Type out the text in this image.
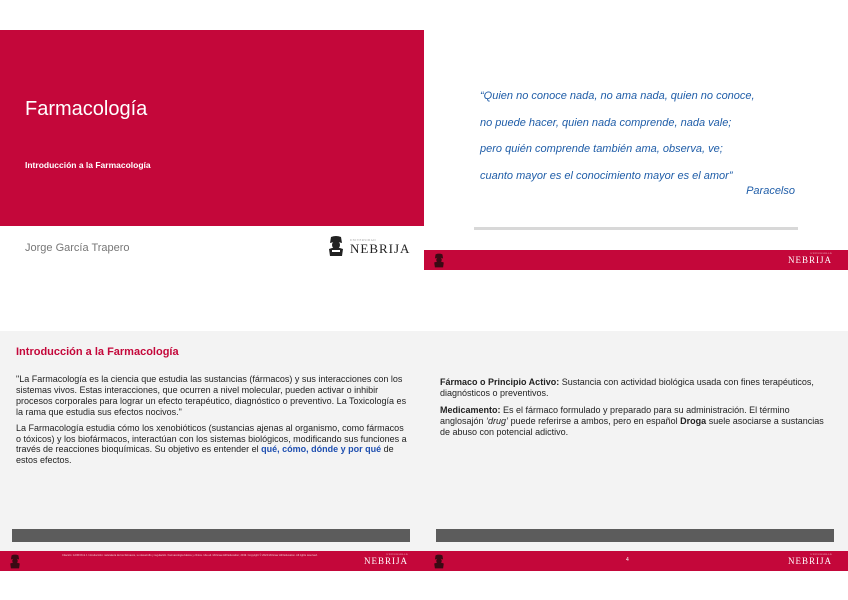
Farmacología
Introducción a la Farmacología
Jorge García Trapero
UNIVERSIDAD
NEBRIJA
“Quien no conoce nada, no ama nada, quien no conoce,
no puede hacer, quien nada comprende, nada vale;
pero quién comprende también ama, observa, ve;
cuanto mayor es el conocimiento mayor es el amor”
Paracelso
UNIVERSIDAD
NEBRIJA
Introducción a la Farmacología

"La Farmacología es la ciencia que estudia las sustancias (fármacos) y sus interacciones con los sistemas vivos. Estas interacciones, que ocurren a nivel molecular, pueden activar o inhibir procesos corporales para lograr un efecto terapéutico, diagnóstico o preventivo. La Toxicología es la rama que estudia sus efectos nocivos."

La Farmacología estudia cómo los xenobióticos (sustancias ajenas al organismo, como fármacos o tóxicos) y los biofármacos, interactúan con los sistemas biológicos, modificando sus funciones a través de reacciones bioquímicas. Su objetivo es entender el qué, cómo, dónde y por qué de estos efectos.

Citación: GOFFIN & J. Introducción: naturaleza de los fármacos, su desarrollo y regulación. Farmacología básica y clínica. 14a ed. McGraw-Hill Education; 2019. Copyright © 2024 McGraw Hill Education. All rights reserved.	UNIVERSIDAD
NEBRIJA

Fármaco o Principio Activo: Sustancia con actividad biológica usada con fines terapéuticos, diagnósticos o preventivos.

Medicamento: Es el fármaco formulado y preparado para su administración. El término anglosajón ‘drug’ puede referirse a ambos, pero en español Droga suele asociarse a sustancias de abuso con potencial adictivo.

4
UNIVERSIDAD
NEBRIJA
